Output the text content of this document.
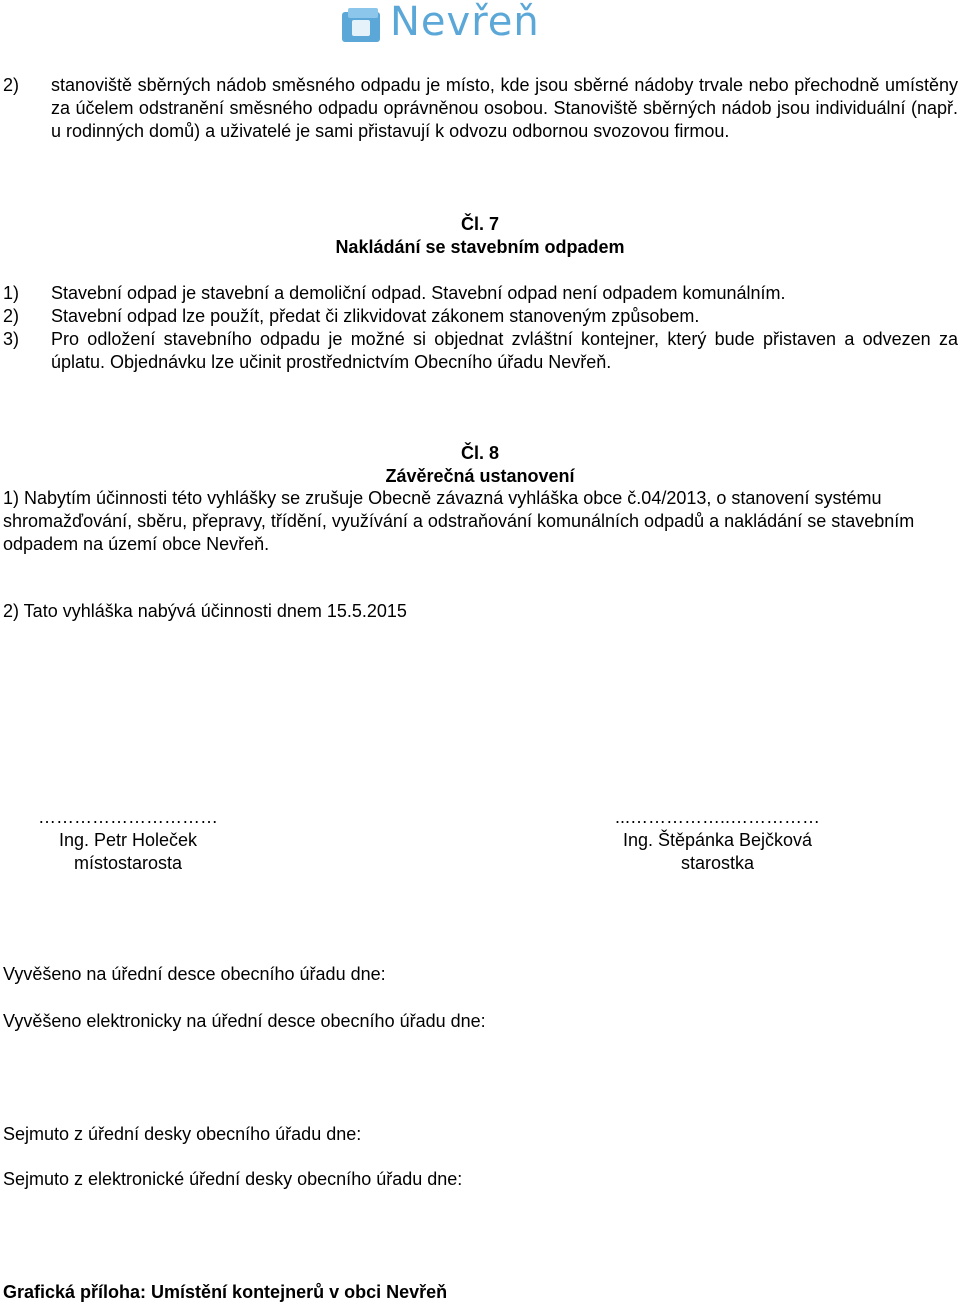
Nevřeň
2) stanoviště sběrných nádob směsného odpadu je místo, kde jsou sběrné nádoby trvale nebo přechodně umístěny za účelem odstranění směsného odpadu oprávněnou osobou. Stanoviště sběrných nádob jsou individuální (např. u rodinných domů) a uživatelé je sami přistavují k odvozu odbornou svozovou firmou.
Čl. 7
Nakládání se stavebním odpadem
1) Stavební odpad je stavební a demoliční odpad. Stavební odpad není odpadem komunálním.
2) Stavební odpad lze použít, předat či zlikvidovat zákonem stanoveným způsobem.
3) Pro odložení stavebního odpadu je možné si objednat zvláštní kontejner, který bude přistaven a odvezen za úplatu. Objednávku lze učinit prostřednictvím Obecního úřadu Nevřeň.
Čl. 8
Závěrečná ustanovení
1) Nabytím účinnosti této vyhlášky se zrušuje Obecně závazná vyhláška obce č.04/2013, o stanovení systému shromažďování, sběru, přepravy, třídění, využívání a odstraňování komunálních odpadů a nakládání se stavebním odpadem na území obce Nevřeň.
2) Tato vyhláška nabývá účinnosti dnem 15.5.2015
…………………………
Ing. Petr Holeček
místostarosta
...……………..……………
Ing. Štěpánka Bejčková
starostka
Vyvěšeno na úřední desce obecního úřadu dne:
Vyvěšeno elektronicky na úřední desce obecního úřadu dne:
Sejmuto z úřední desky obecního úřadu dne:
Sejmuto z elektronické úřední desky obecního úřadu dne:
Grafická příloha: Umístění kontejnerů v obci Nevřeň
